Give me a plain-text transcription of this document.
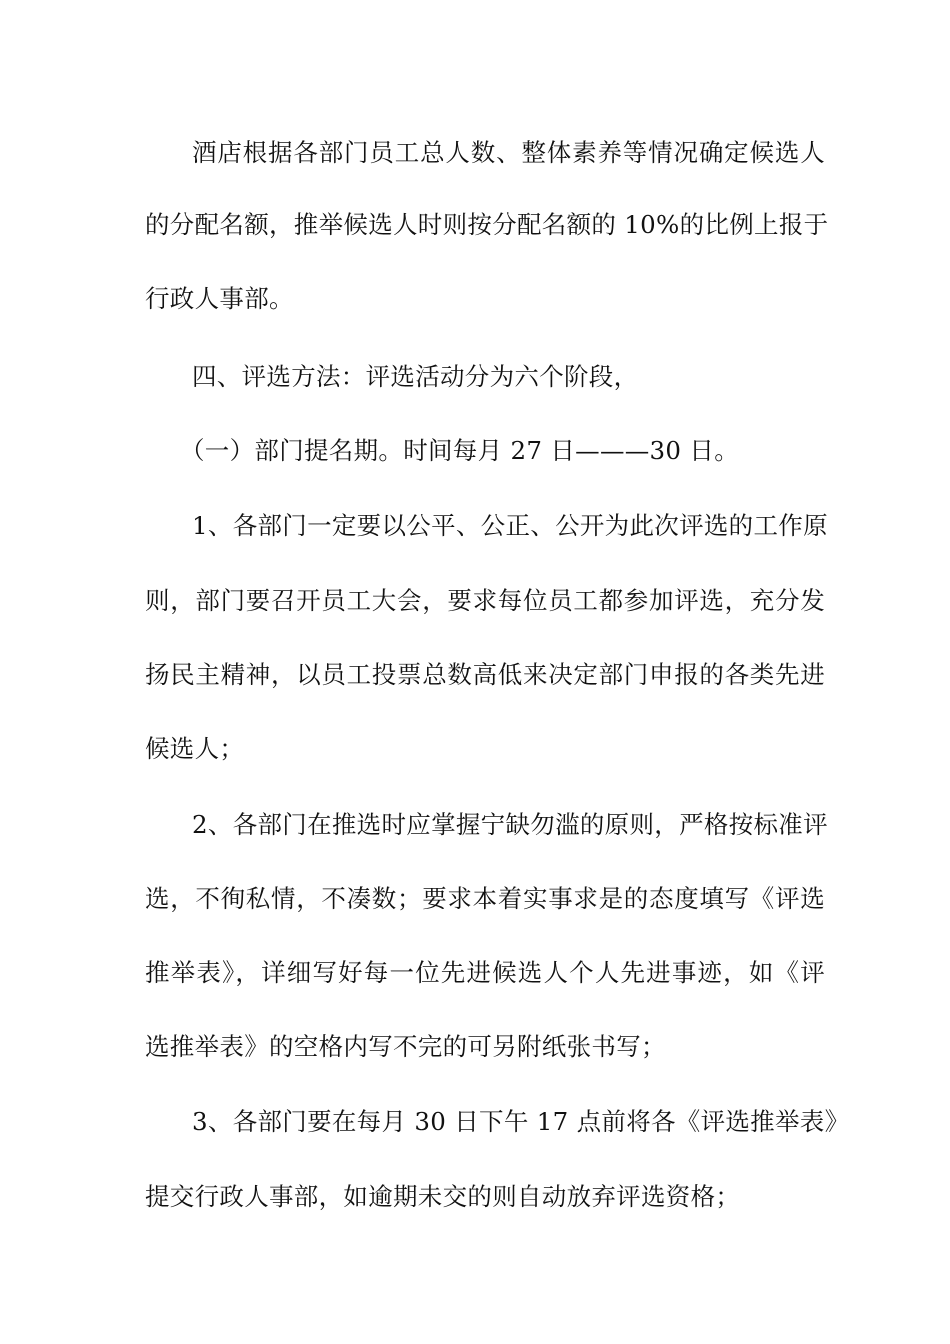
酒店根据各部门员工总人数、整体素养等情况确定候选人
的分配名额，推举候选人时则按分配名额的 10%的比例上报于
行政人事部。
四、评选方法：评选活动分为六个阶段，
（一）部门提名期。时间每月 27 日———30 日。
1、各部门一定要以公平、公正、公开为此次评选的工作原
则，部门要召开员工大会，要求每位员工都参加评选，充分发
扬民主精神，以员工投票总数高低来决定部门申报的各类先进
候选人；
2、各部门在推选时应掌握宁缺勿滥的原则，严格按标准评
选，不徇私情，不凑数；要求本着实事求是的态度填写《评选
推举表》，详细写好每一位先进候选人个人先进事迹，如《评
选推举表》的空格内写不完的可另附纸张书写；
3、各部门要在每月 30 日下午 17 点前将各《评选推举表》
提交行政人事部，如逾期未交的则自动放弃评选资格；
